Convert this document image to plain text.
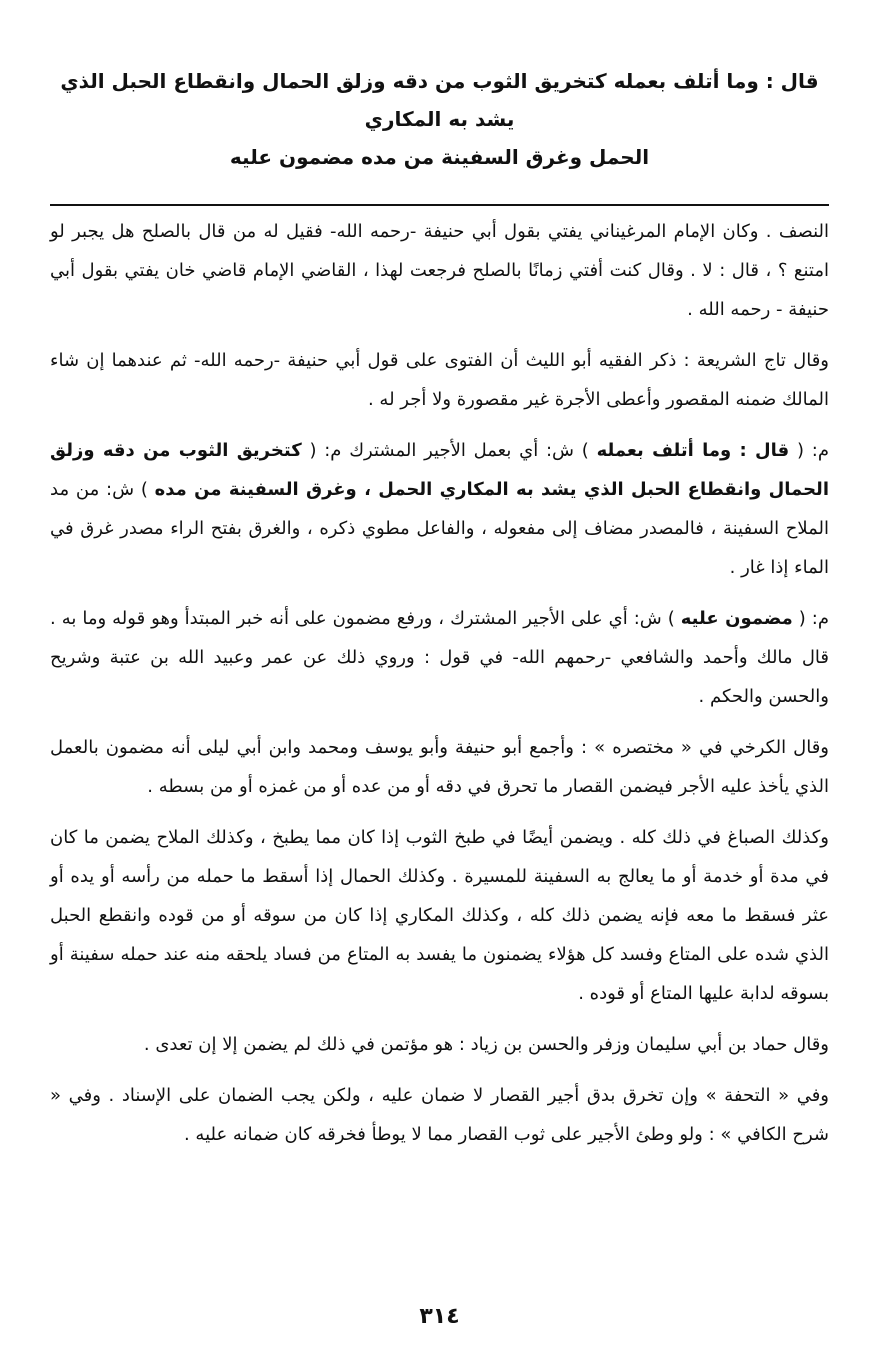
قال : وما أتلف بعمله كتخريق الثوب من دقه وزلق الحمال وانقطاع الحبل الذي يشد به المكاري
الحمل وغرق السفينة من مده مضمون عليه

النصف . وكان الإمام المرغيناني يفتي بقول أبي حنيفة -رحمه الله- فقيل له من قال بالصلح هل يجبر لو امتنع ؟ ، قال : لا . وقال كنت أفتي زمانًا بالصلح فرجعت لهذا ، القاضي الإمام قاضي خان يفتي بقول أبي حنيفة - رحمه الله .

وقال تاج الشريعة : ذكر الفقيه أبو الليث أن الفتوى على قول أبي حنيفة -رحمه الله- ثم عندهما إن شاء المالك ضمنه المقصور وأعطى الأجرة غير مقصورة ولا أجر له .

م: ( قال : وما أتلف بعمله ) ش: أي بعمل الأجير المشترك م: ( كتخريق الثوب من دقه وزلق الحمال وانقطاع الحبل الذي يشد به المكاري الحمل ، وغرق السفينة من مده ) ش: من مد الملاح السفينة ، فالمصدر مضاف إلى مفعوله ، والفاعل مطوي ذكره ، والغرق بفتح الراء مصدر غرق في الماء إذا غار .

م: ( مضمون عليه ) ش: أي على الأجير المشترك ، ورفع مضمون على أنه خبر المبتدأ وهو قوله وما به . قال مالك وأحمد والشافعي -رحمهم الله- في قول : وروي ذلك عن عمر وعبيد الله بن عتبة وشريح والحسن والحكم .

وقال الكرخي في « مختصره » : وأجمع أبو حنيفة وأبو يوسف ومحمد وابن أبي ليلى أنه مضمون بالعمل الذي يأخذ عليه الأجر فيضمن القصار ما تحرق في دقه أو من عده أو من غمزه أو من بسطه .

وكذلك الصباغ في ذلك كله . ويضمن أيضًا في طبخ الثوب إذا كان مما يطبخ ، وكذلك الملاح يضمن ما كان في مدة أو خدمة أو ما يعالج به السفينة للمسيرة . وكذلك الحمال إذا أسقط ما حمله من رأسه أو يده أو عثر فسقط ما معه فإنه يضمن ذلك كله ، وكذلك المكاري إذا كان من سوقه أو من قوده وانقطع الحبل الذي شده على المتاع وفسد كل هؤلاء يضمنون ما يفسد به المتاع من فساد يلحقه منه عند حمله سفينة أو بسوقه لدابة عليها المتاع أو قوده .

وقال حماد بن أبي سليمان وزفر والحسن بن زياد : هو مؤتمن في ذلك لم يضمن إلا إن تعدى .

وفي « التحفة » وإن تخرق بدق أجير القصار لا ضمان عليه ، ولكن يجب الضمان على الإسناد . وفي « شرح الكافي » : ولو وطئ الأجير على ثوب القصار مما لا يوطأ فخرقه كان ضمانه عليه .

٣١٤
